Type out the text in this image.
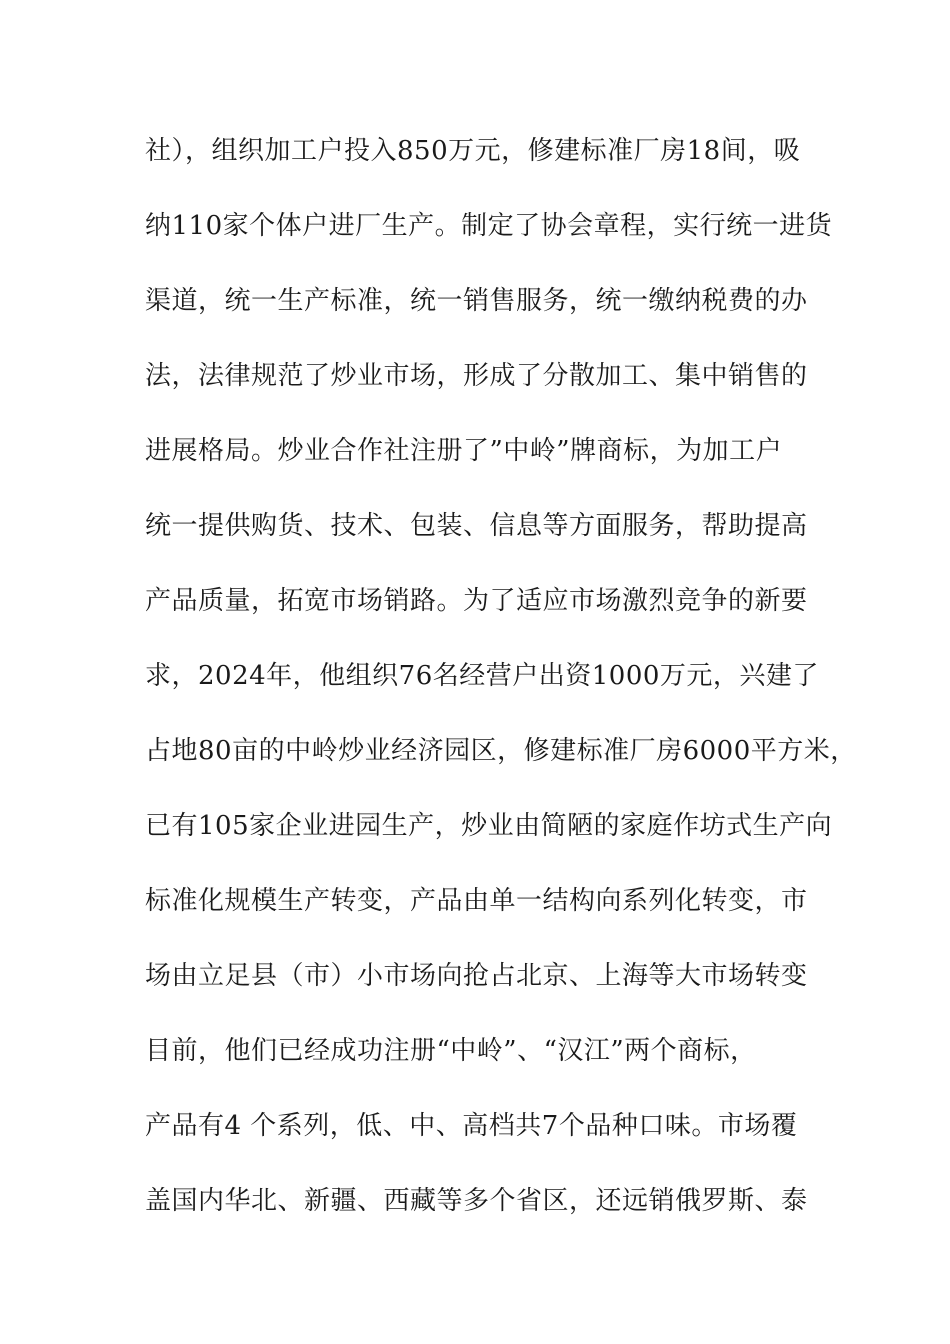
社），组织加工户投入850万元，修建标准厂房18间，吸
纳110家个体户进厂生产。制定了协会章程，实行统一进货
渠道，统一生产标准，统一销售服务，统一缴纳税费的办
法，法律规范了炒业市场，形成了分散加工、集中销售的
进展格局。炒业合作社注册了”中岭”牌商标，为加工户
统一提供购货、技术、包装、信息等方面服务，帮助提高
产品质量，拓宽市场销路。为了适应市场激烈竞争的新要
求，2024年，他组织76名经营户出资1000万元，兴建了
占地80亩的中岭炒业经济园区，修建标准厂房6000平方米，
已有105家企业进园生产，炒业由简陋的家庭作坊式生产向
标准化规模生产转变，产品由单一结构向系列化转变，市
场由立足县（市）小市场向抢占北京、上海等大市场转变
目前，他们已经成功注册“中岭”、“汉江”两个商标，
产品有4 个系列，低、中、高档共7个品种口味。市场覆
盖国内华北、新疆、西藏等多个省区，还远销俄罗斯、泰
